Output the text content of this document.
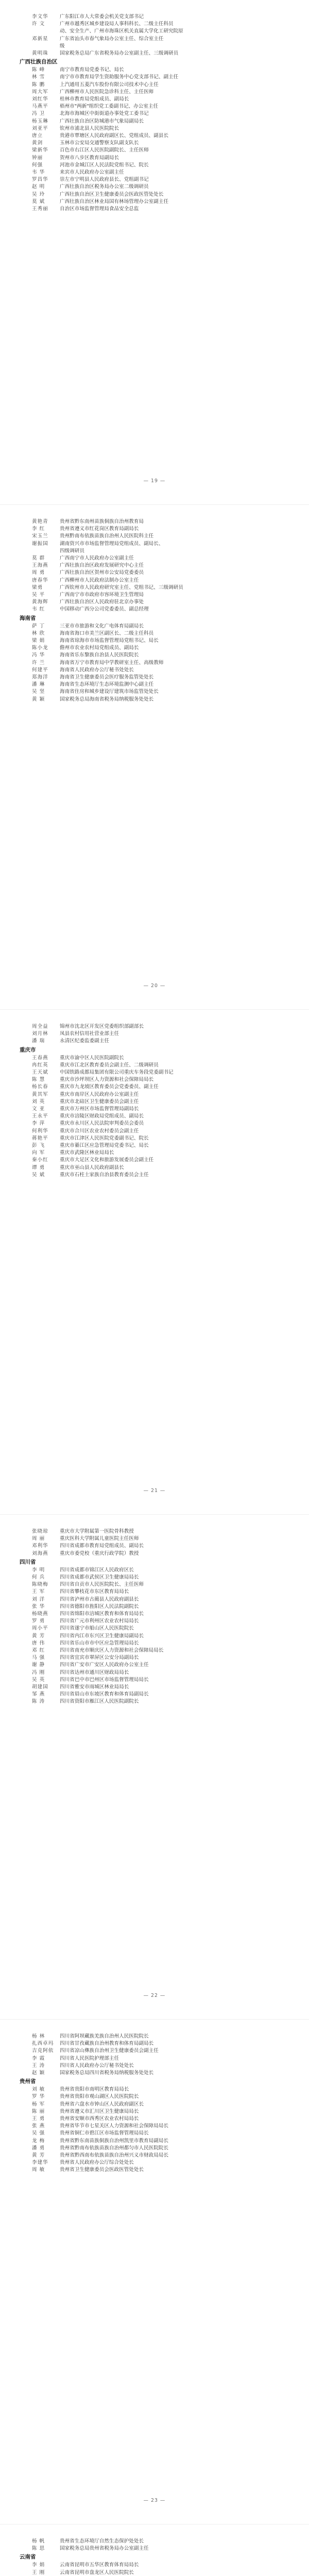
李文华	广东阳江市人大常委会机关党支部书记
许 文	广州市越秀区城乡建设局人事科科长、二级主任科员
动、安全生产、广州市海珠区机关直属大学化工研究院原
邓新星	广东省汕头市春气象局办公室主任、综合室主任
级
黄明珠	国家税务总局广东省税务局办公室副主任、三级调研员
广西壮族自治区
陈 峰	南宁市教育局党委书记、局长
林 雪	南宁市市教育局学生资助服务中心党支部书记、副主任
陈 鹏	上汽通用五菱汽车股份有限公司技术中心主任
周大军	广西柳州市人民医院急诊科主任、主任医师
刘红华	桂林市教育局党组成员、副局长
马燕平	梧州市"两新"组织党工委副书记、办公室主任
冯 卫	北海市海城区中街街道办事处党工委书记
杨玉琳	广西壮族自治区防城港市气象局副局长
刘亚平	钦州市浦北县人民医院院长
唐立	贵港市覃塘区人民政府副区长、党组成员、副县长
黄剑	玉林市公安局交通警察支队副支队长
梁新华	百色市右江区人民医院副院长、主任医师
钟丽	贺州市八步区教育局副局长
何强	河池市金城江区人民法院党组书记、院长
韦 华	来宾市人民政府办公室副主任
罗昌华	崇左市宁明县人民政府县长、党组副书记
赵 明	广西壮族自治区税务局办公室二级调研员
吴 玲	广西壮族自治区卫生健康委员会医政医管处处长
莫 斌	广西壮族自治区林业局国有林场管理办公室副主任
王秀丽	自治区市场监督管理局食品安全总监
— 19 —
黄艳青	贵州省黔东南州苗族侗族自治州教育局
李 红	贵州省遵义市红花岗区教育局副局长
宋玉兰	贵州黔南布依族苗族自治州人民医院科主任
谢振国	湖南资兴市市场监督管理局党组成员、副局长、
四级调研员
莫 群	广西南宁市人民政府办公室副主任
王海燕	广西壮族自治区政府发展研究中心主任
周 勇	广西壮族自治区贺州市公安局党委委员
唐春华	广西柳州市人民政府法制办公室主任
梁勇	广西钦州市人民政府研究室主任、党组书记、三级调研员
吴 平	广西南宁市市政府市容环境卫生管理局
黄海辉	广西壮族自治区人民政府驻北京办事处
韦 红	中国移动广西分公司党委委员、副总经理
海南省
萨 丁	三亚市市旅游和文化广电体育局副局长
林 欣	海南省海口市美兰区副区长、二级主任科员
梁 娟	海南省琼海市市场监督管理局党组书记、局长
陈小龙	儋州市农业农村局党组成员、副局长
冯 华	海南省乐东黎族自治县人民医院院长
许 兰	海南省万宁市教育局中学教研室主任、高级教师
何建平	海南省人民政府办公厅秘书处处长
郑海洋	海南省卫生健康委员会医疗服务监管处处长
潘 琳	海南省生态环境厅生态环境监测中心副主任
吴 坚	海南省住房和城乡建设厅建筑市场监管处处长
黄 颖	国家税务总局海南省税务局纳税服务处处长
— 20 —
周全益	锦州市沈北区开发区党委组织部副部长
刘月林	凤县农村信用社营业部主任
潘 瑞	永清区纪委监委副主任
重庆市
王春燕	重庆市渝中区人民医院副院长
冉红英	重庆市江北区教育委员会副主任、二级调研员
王天斌	中国铁路成都局集团有限公司重庆车务段党委副书记
陈 慧	重庆市沙坪坝区人力资源和社会保障局局长
杨长春	重庆市九龙坡区教育委员会党委委员、副主任
黄其军	重庆市南岸区人民政府办公室副主任
刘 英	重庆市北碚区卫生健康委员会副主任
文 亚	重庆市万州区市场监督管理局副局长
王永平	重庆市涪陵区财政局党组成员、副局长
李 萍	重庆市永川区人民法院审判委员会委员
何利华	重庆市合川区农业农村委员会副主任
蒋艳平	重庆市江津区人民医院党委副书记、院长
彭 飞	重庆市綦江区应急管理局党委书记、局长
向 军	重庆市武隆区林业局局长
秦小红	重庆市大足区文化和旅游发展委员会副主任
谭 勇	重庆市巫山县人民政府副县长
吴 斌	重庆市石柱土家族自治县教育委员会主任
— 21 —
张晓琼	重庆市大学附属第一医院骨科教授
周 丽	重庆医科大学附属儿童医院主任医师
邓利华	四川省成都市教育局党组成员、副局长
刘海燕	重庆市委党校（重庆行政学院）教授
四川省
李 明	四川省成都市锦江区人民政府区长
何 兵	四川省成都市武侯区卫生健康局局长
陈晓梅	四川省自贡市人民医院院长、主任医师
王 军	四川省攀枝花市东区教育局局长
刘 洋	四川省泸州市古蔺县人民政府副县长
张 华	四川省德阳市旌阳区人民法院副院长
杨晓燕	四川省绵阳市涪城区教育和体育局局长
罗 勇	四川省广元市利州区农业农村局局长
周小平	四川省遂宁市船山区人民医院院长
黄 芳	四川省内江市东兴区卫生健康局副局长
唐 伟	四川省乐山市市中区应急管理局局长
邓 红	四川省南充市顺庆区人力资源和社会保障局局长
马 强	四川省宜宾市翠屏区公安分局副局长
谢 静	四川省广安市广安区人民政府办公室主任
冯 刚	四川省达州市通川区财政局局长
吴 英	四川省巴中市巴州区市场监督管理局局长
胡建国	四川省雅安市雨城区林业局局长
邹 燕	四川省眉山市东坡区教育和体育局副局长
陈 涛	四川省资阳市雁江区人民医院副院长
— 22 —
杨 林	四川省阿坝藏族羌族自治州人民医院院长
扎西卓玛	四川省甘孜藏族自治州教育和体育局副局长
吉克阿依	四川省凉山彝族自治州卫生健康委员会副主任
李 霞	四川省人民医院护理部主任
王 涛	四川省人民政府办公厅秘书处处长
赵 颖	国家税务总局四川省税务局纳税服务处处长
贵州省
刘 敏	贵州省贵阳市南明区教育局局长
罗 华	贵州省贵阳市观山湖区人民医院院长
杨 军	贵州省六盘水市钟山区人民政府副区长
陈 丽	贵州省遵义市汇川区卫生健康局局长
王 勇	贵州省安顺市西秀区农业农村局局长
张 燕	贵州省毕节市七星关区人力资源和社会保障局局长
吴 强	贵州省铜仁市碧江区市场监督管理局局长
龙 梅	贵州省黔东南苗族侗族自治州凯里市教育局副局长
潘 勇	贵州省黔南布依族苗族自治州都匀市人民医院院长
黄 芳	贵州省黔西南布依族苗族自治州兴义市财政局局长
李建华	贵州省人民政府办公厅综合处处长
周 敏	贵州省卫生健康委员会医政医管处处长
— 23 —
杨 帆	贵州省生态环境厅自然生态保护处处长
陈 思	国家税务总局贵州省税务局办公室副主任
云南省
李 娟	云南省昆明市五华区教育体育局局长
王 刚	云南省昆明市盘龙区人民医院院长
